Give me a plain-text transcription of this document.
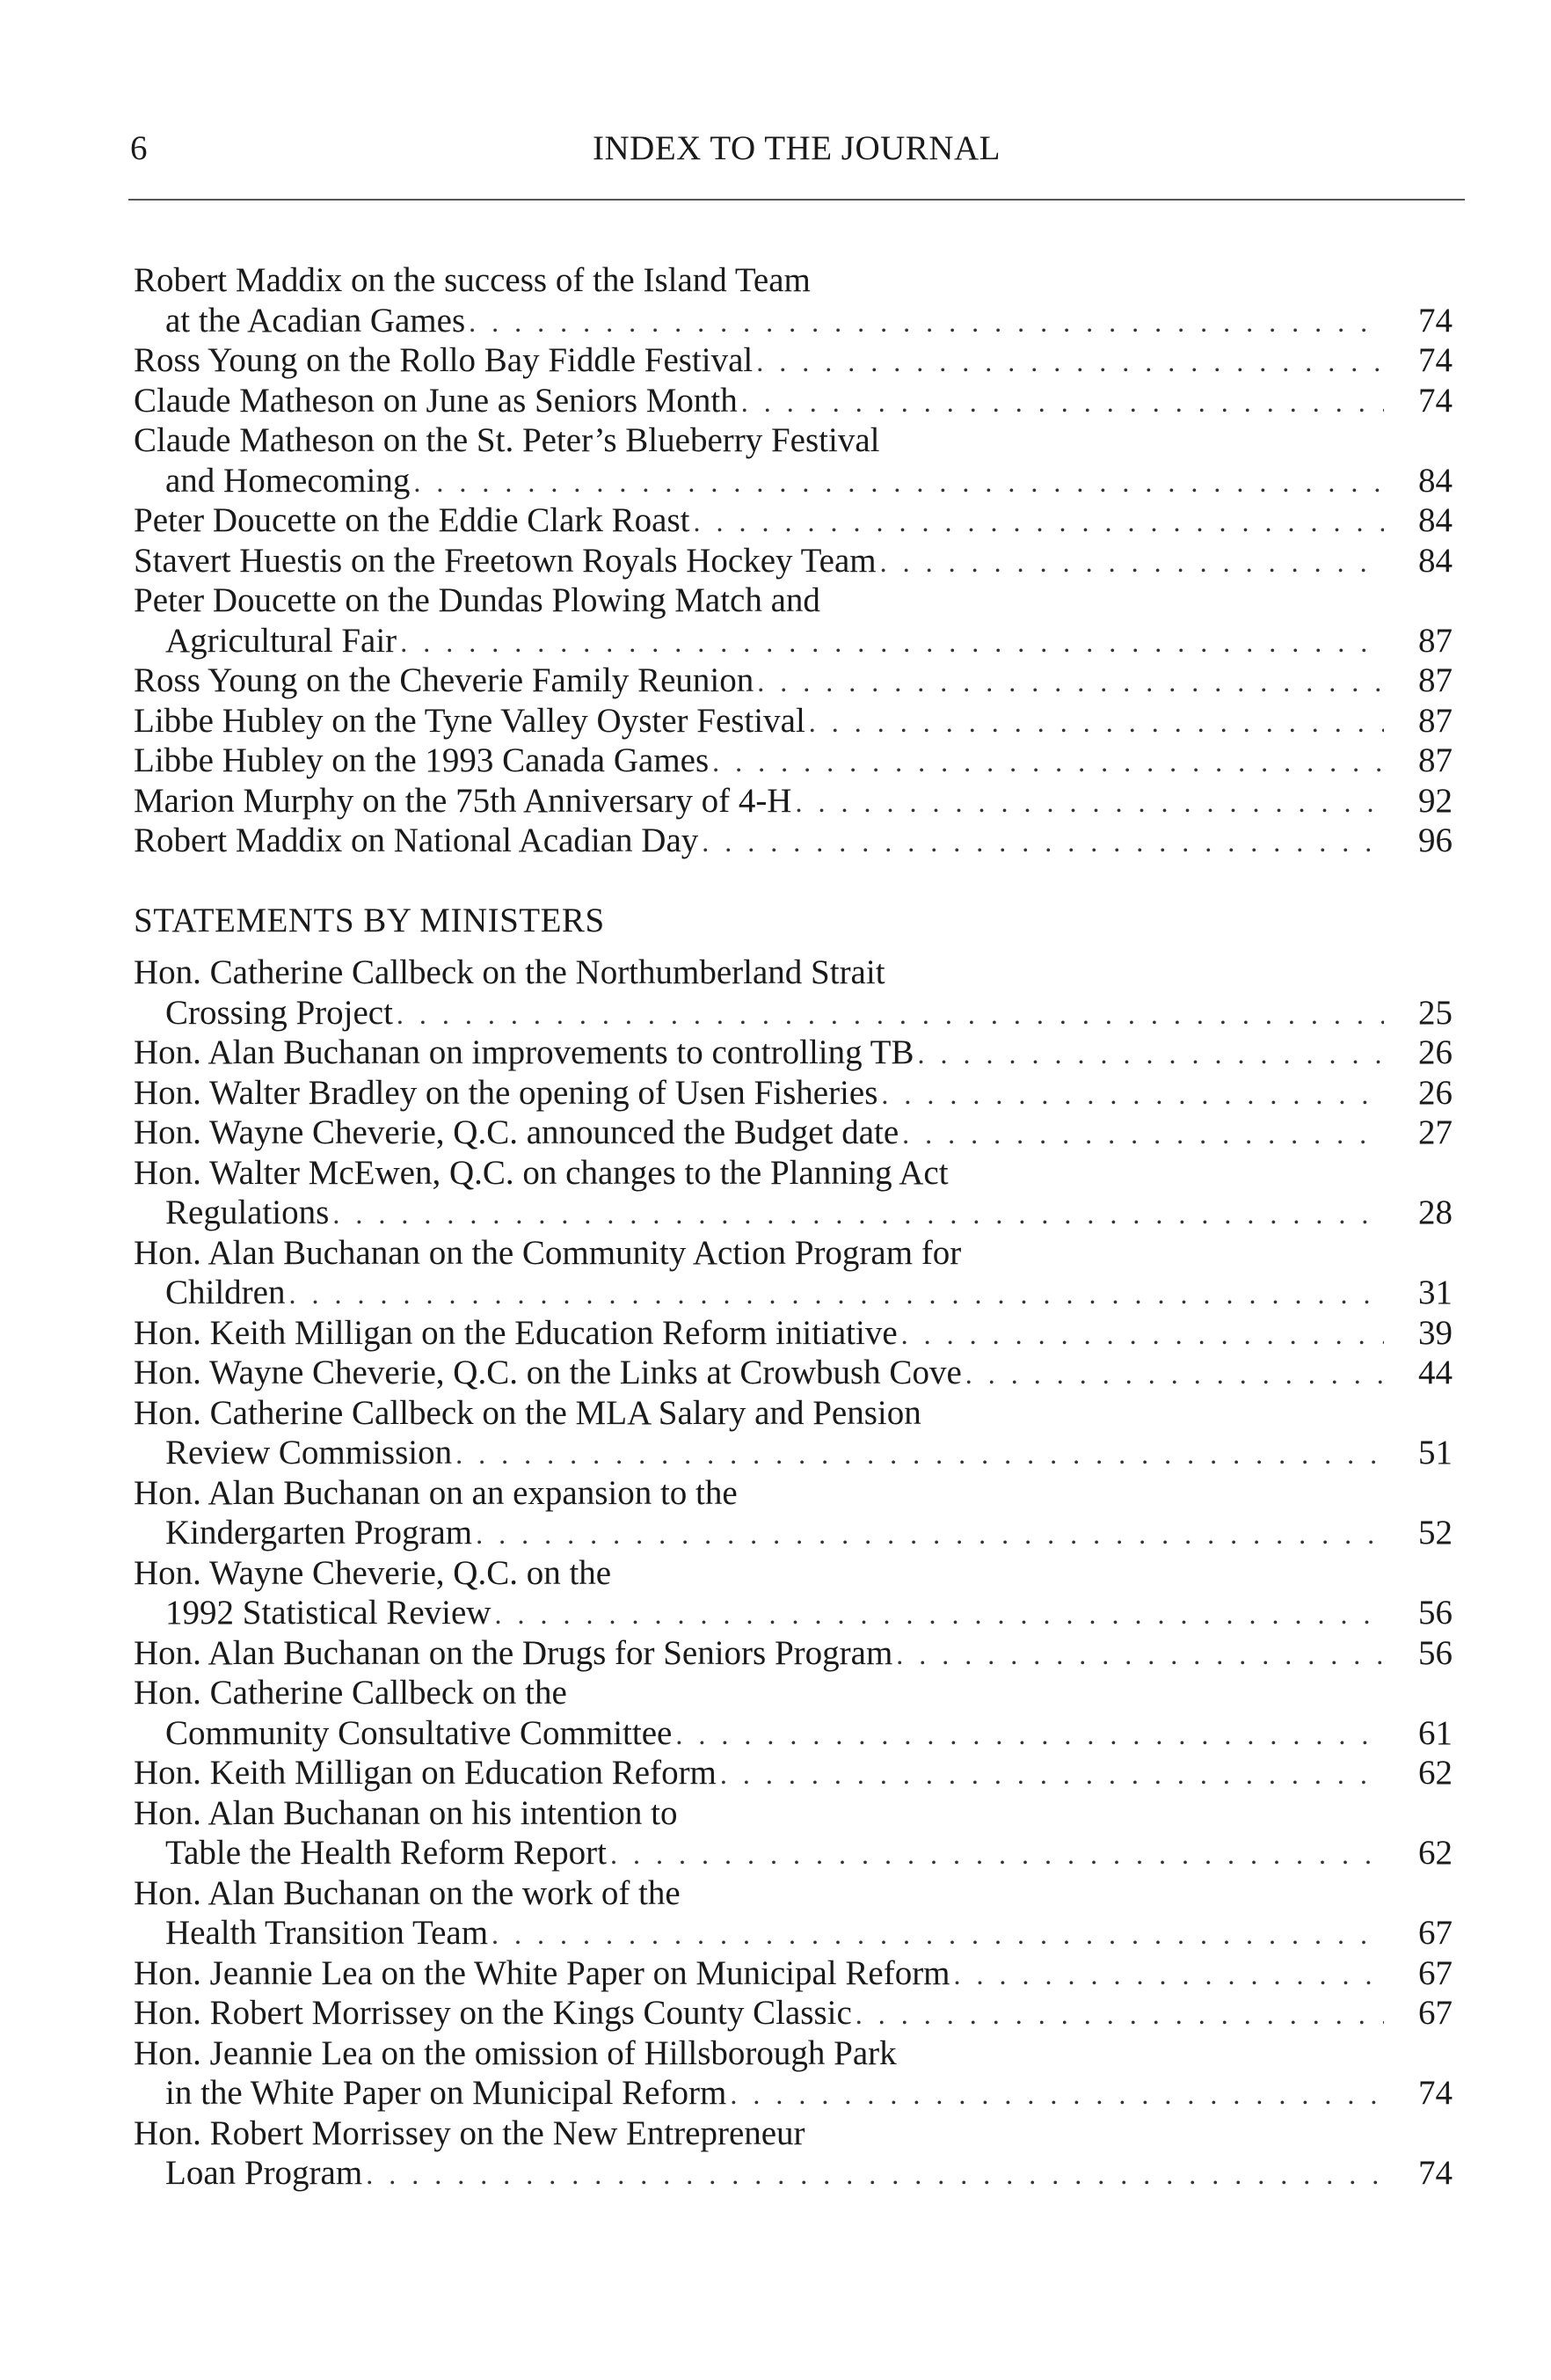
6	INDEX TO THE JOURNAL
Robert Maddix on the success of the Island Team
at the Acadian Games . . .	74
Ross Young on the Rollo Bay Fiddle Festival . . .	74
Claude Matheson on June as Seniors Month . . .	74
Claude Matheson on the St. Peter’s Blueberry Festival
and Homecoming . . .	84
Peter Doucette on the Eddie Clark Roast . . .	84
Stavert Huestis on the Freetown Royals Hockey Team . . .	84
Peter Doucette on the Dundas Plowing Match and
Agricultural Fair . . .	87
Ross Young on the Cheverie Family Reunion . . .	87
Libbe Hubley on the Tyne Valley Oyster Festival . . .	87
Libbe Hubley on the 1993 Canada Games . . .	87
Marion Murphy on the 75th Anniversary of 4-H . . .	92
Robert Maddix on National Acadian Day . . .	96
STATEMENTS BY MINISTERS
Hon. Catherine Callbeck on the Northumberland Strait
Crossing Project . . .	25
Hon. Alan Buchanan on improvements to controlling TB . . .	26
Hon. Walter Bradley on the opening of Usen Fisheries . . .	26
Hon. Wayne Cheverie, Q.C. announced the Budget date . . .	27
Hon. Walter McEwen, Q.C. on changes to the Planning Act
Regulations . . .	28
Hon. Alan Buchanan on the Community Action Program for
Children . . .	31
Hon. Keith Milligan on the Education Reform initiative . . .	39
Hon. Wayne Cheverie, Q.C. on the Links at Crowbush Cove . . .	44
Hon. Catherine Callbeck on the MLA Salary and Pension
Review Commission . . .	51
Hon. Alan Buchanan on an expansion to the
Kindergarten Program . . .	52
Hon. Wayne Cheverie, Q.C. on the
1992 Statistical Review . . .	56
Hon. Alan Buchanan on the Drugs for Seniors Program . . .	56
Hon. Catherine Callbeck on the
Community Consultative Committee . . .	61
Hon. Keith Milligan on Education Reform . . .	62
Hon. Alan Buchanan on his intention to
Table the Health Reform Report . . .	62
Hon. Alan Buchanan on the work of the
Health Transition Team . . .	67
Hon. Jeannie Lea on the White Paper on Municipal Reform . . .	67
Hon. Robert Morrissey on the Kings County Classic . . .	67
Hon. Jeannie Lea on the omission of Hillsborough Park
in the White Paper on Municipal Reform . . .	74
Hon. Robert Morrissey on the New Entrepreneur
Loan Program . . .	74
